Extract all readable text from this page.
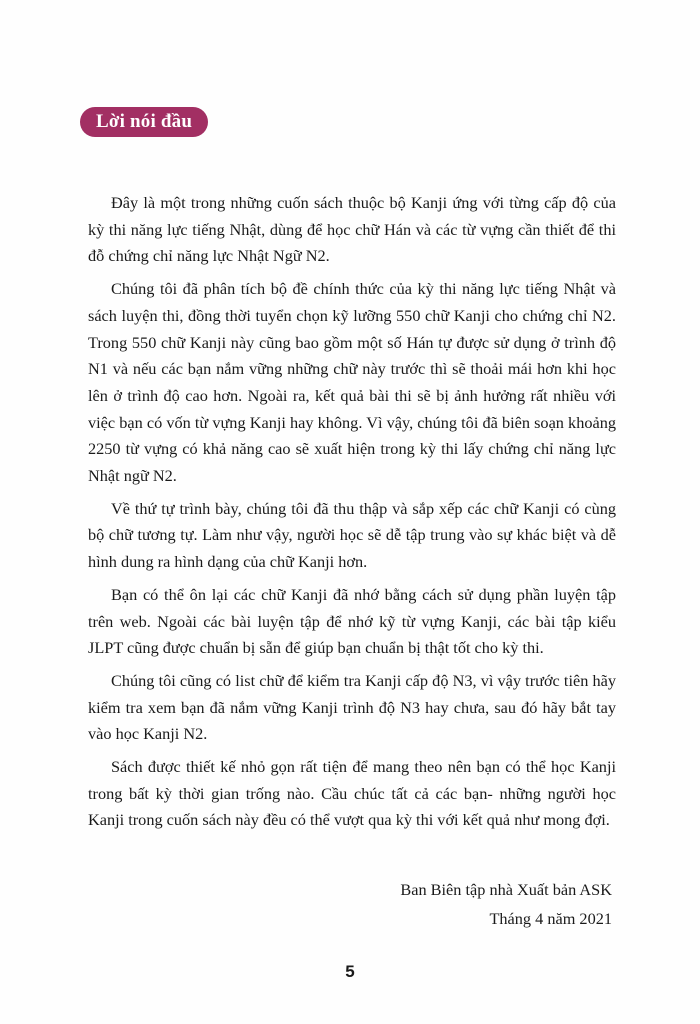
Lời nói đầu

Đây là một trong những cuốn sách thuộc bộ Kanji ứng với từng cấp độ của kỳ thi năng lực tiếng Nhật, dùng để học chữ Hán và các từ vựng cần thiết để thi đỗ chứng chỉ năng lực Nhật Ngữ N2.

Chúng tôi đã phân tích bộ đề chính thức của kỳ thi năng lực tiếng Nhật và sách luyện thi, đồng thời tuyển chọn kỹ lưỡng 550 chữ Kanji cho chứng chỉ N2. Trong 550 chữ Kanji này cũng bao gồm một số Hán tự được sử dụng ở trình độ N1 và nếu các bạn nắm vững những chữ này trước thì sẽ thoải mái hơn khi học lên ở trình độ cao hơn. Ngoài ra, kết quả bài thi sẽ bị ảnh hưởng rất nhiều với việc bạn có vốn từ vựng Kanji hay không. Vì vậy, chúng tôi đã biên soạn khoảng 2250 từ vựng có khả năng cao sẽ xuất hiện trong kỳ thi lấy chứng chỉ năng lực Nhật ngữ N2.

Về thứ tự trình bày, chúng tôi đã thu thập và sắp xếp các chữ Kanji có cùng bộ chữ tương tự. Làm như vậy, người học sẽ dễ tập trung vào sự khác biệt và dễ hình dung ra hình dạng của chữ Kanji hơn.

Bạn có thể ôn lại các chữ Kanji đã nhớ bằng cách sử dụng phần luyện tập trên web. Ngoài các bài luyện tập để nhớ kỹ từ vựng Kanji, các bài tập kiểu JLPT cũng được chuẩn bị sẵn để giúp bạn chuẩn bị thật tốt cho kỳ thi.

Chúng tôi cũng có list chữ để kiểm tra Kanji cấp độ N3, vì vậy trước tiên hãy kiểm tra xem bạn đã nắm vững Kanji trình độ N3 hay chưa, sau đó hãy bắt tay vào học Kanji N2.

Sách được thiết kế nhỏ gọn rất tiện để mang theo nên bạn có thể học Kanji trong bất kỳ thời gian trống nào. Cầu chúc tất cả các bạn- những người học Kanji trong cuốn sách này đều có thể vượt qua kỳ thi với kết quả như mong đợi.

Ban Biên tập nhà Xuất bản ASK
Tháng 4 năm 2021
5
